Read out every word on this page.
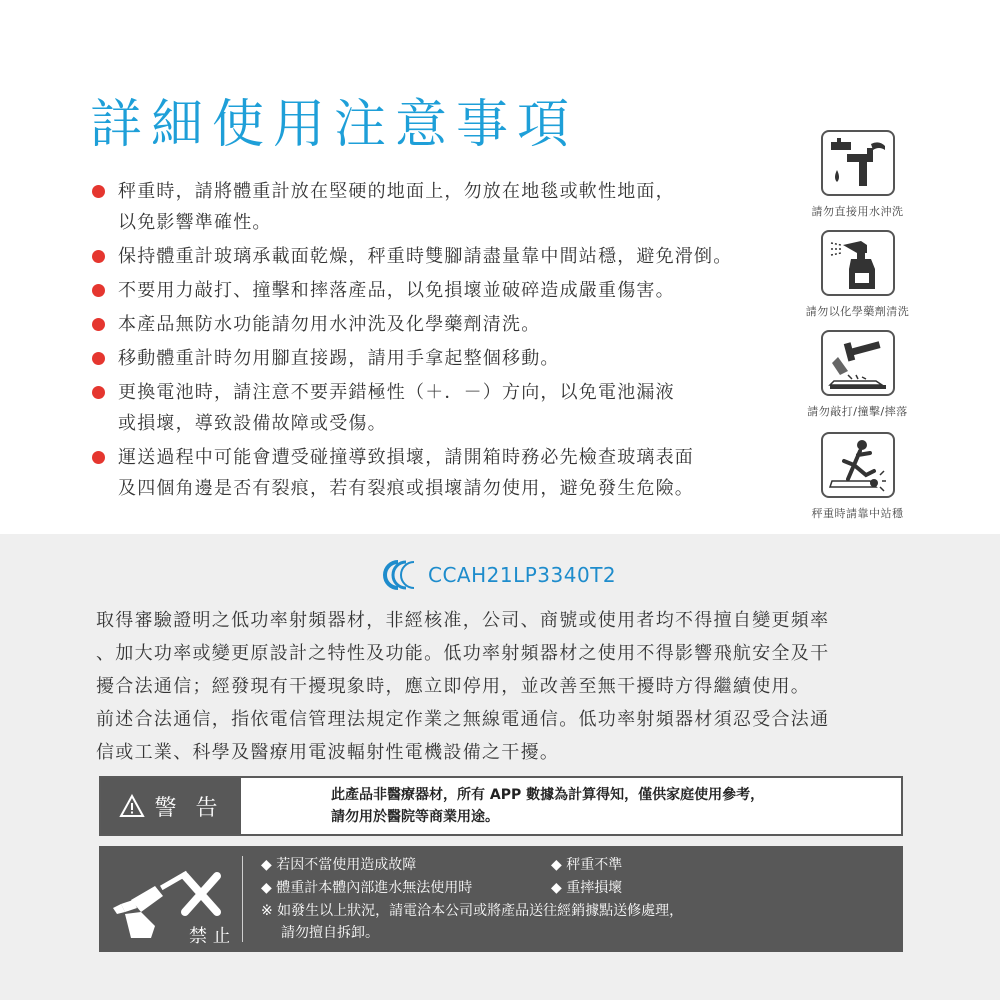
詳細使用注意事項
秤重時，請將體重計放在堅硬的地面上，勿放在地毯或軟性地面，
以免影響準確性。
保持體重計玻璃承載面乾燥，秤重時雙腳請盡量靠中間站穩，避免滑倒。
不要用力敲打、撞擊和摔落產品，以免損壞並破碎造成嚴重傷害。
本產品無防水功能請勿用水沖洗及化學藥劑清洗。
移動體重計時勿用腳直接踢，請用手拿起整個移動。
更換電池時，請注意不要弄錯極性（＋．－）方向，以免電池漏液
或損壞，導致設備故障或受傷。
運送過程中可能會遭受碰撞導致損壞，請開箱時務必先檢查玻璃表面
及四個角邊是否有裂痕，若有裂痕或損壞請勿使用，避免發生危險。
請勿直接用水沖洗
請勿以化學藥劑清洗
請勿敲打/撞擊/摔落
秤重時請靠中站穩
CCAH21LP3340T2
取得審驗證明之低功率射頻器材，非經核准，公司、商號或使用者均不得擅自變更頻率
、加大功率或變更原設計之特性及功能。低功率射頻器材之使用不得影響飛航安全及干
擾合法通信；經發現有干擾現象時，應立即停用，並改善至無干擾時方得繼續使用。
前述合法通信，指依電信管理法規定作業之無線電通信。低功率射頻器材須忍受合法通
信或工業、科學及醫療用電波輻射性電機設備之干擾。
警 告
此產品非醫療器材，所有 APP 數據為計算得知，僅供家庭使用參考，
請勿用於醫院等商業用途。
禁 止
◆ 若因不當使用造成故障	◆ 秤重不準
◆ 體重計本體內部進水無法使用時	◆ 重摔損壞
※ 如發生以上狀況，請電洽本公司或將產品送往經銷據點送修處理，
請勿擅自拆卸。
